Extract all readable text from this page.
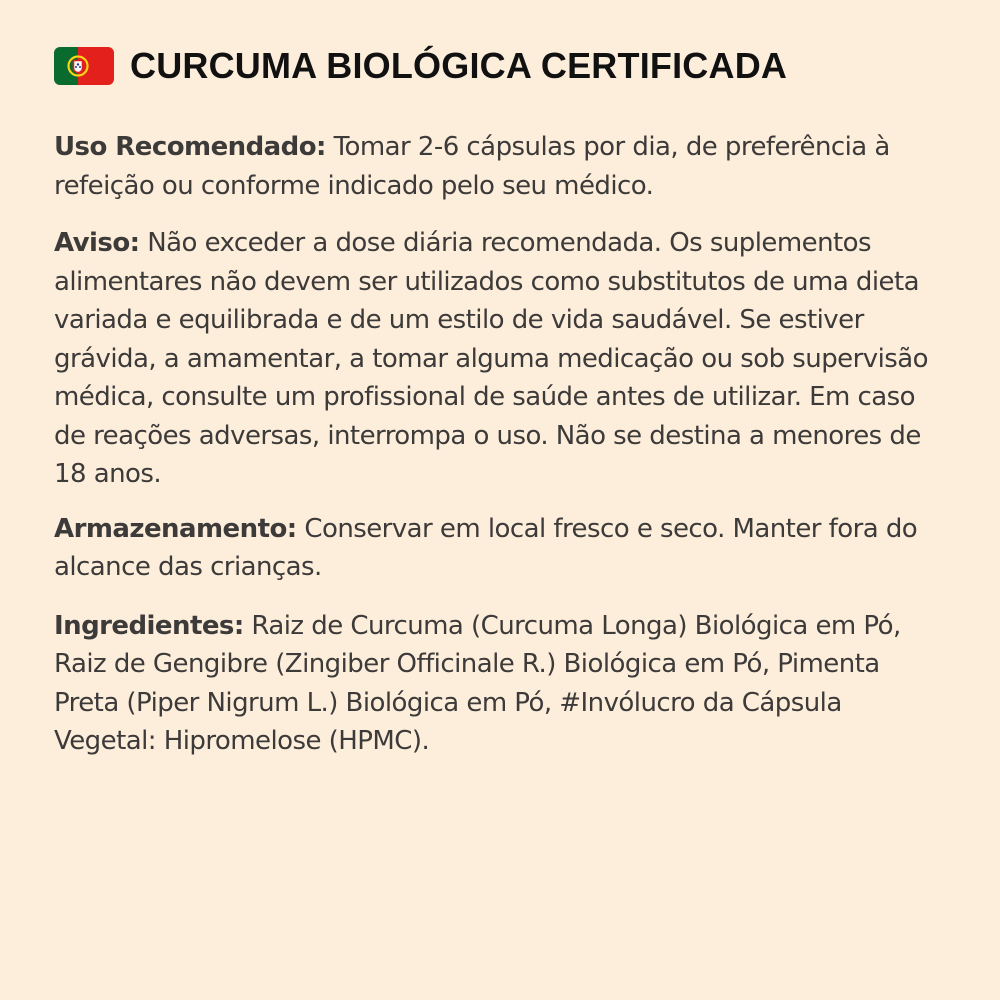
CURCUMA BIOLÓGICA CERTIFICADA

Uso Recomendado: Tomar 2-6 cápsulas por dia, de preferência à refeição ou conforme indicado pelo seu médico.

Aviso: Não exceder a dose diária recomendada. Os suplementos alimentares não devem ser utilizados como substitutos de uma dieta variada e equilibrada e de um estilo de vida saudável. Se estiver grávida, a amamentar, a tomar alguma medicação ou sob supervisão médica, consulte um profissional de saúde antes de utilizar. Em caso de reações adversas, interrompa o uso. Não se destina a menores de 18 anos.

Armazenamento: Conservar em local fresco e seco. Manter fora do alcance das crianças.

Ingredientes: Raiz de Curcuma (Curcuma Longa) Biológica em Pó, Raiz de Gengibre (Zingiber Officinale R.) Biológica em Pó, Pimenta Preta (Piper Nigrum L.) Biológica em Pó, #Invólucro da Cápsula Vegetal: Hipromelose (HPMC).
